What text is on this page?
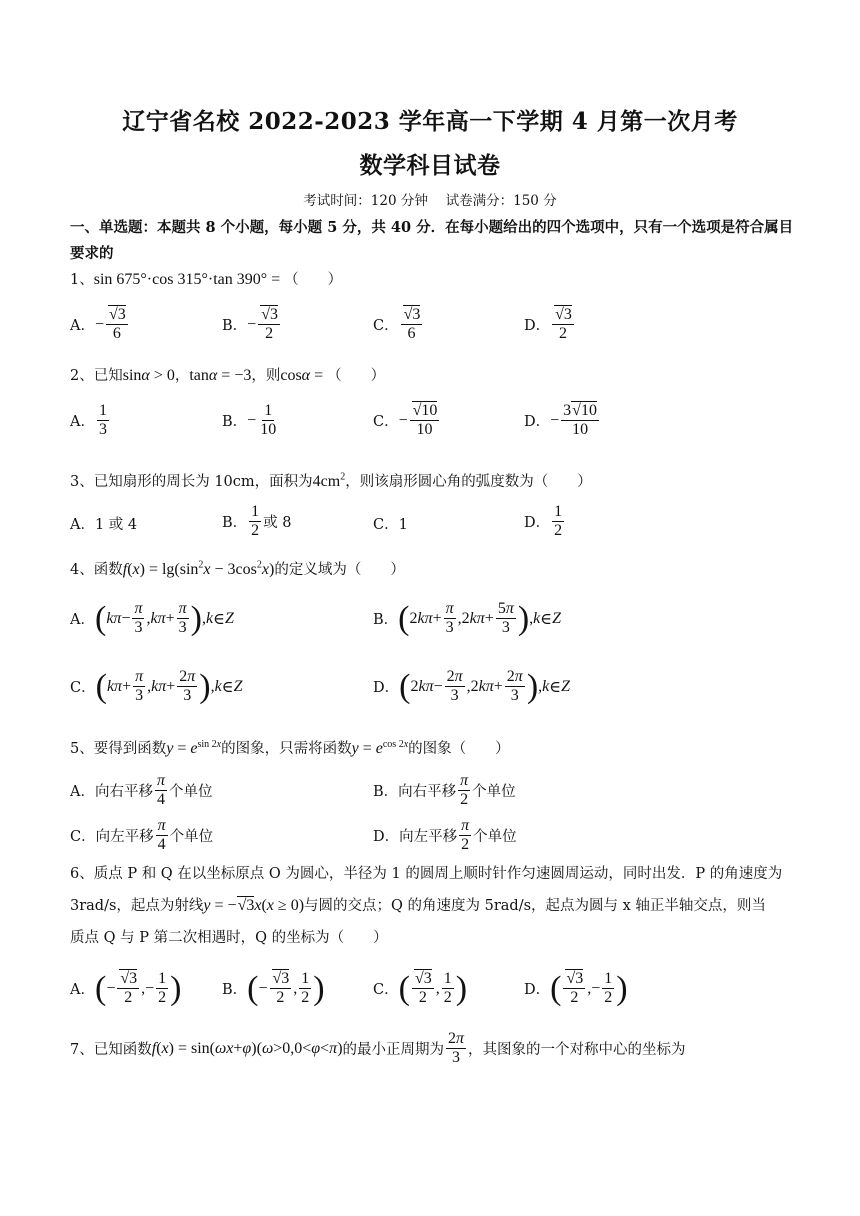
辽宁省名校 2022-2023 学年高一下学期 4 月第一次月考
数学科目试卷
考试时间：120 分钟　 试卷满分：150 分
一、单选题：本题共 8 个小题，每小题 5 分，共 40 分．在每小题给出的四个选项中，只有一个选项是符合属目要求的
1、sin 675°·cos 315°·tan 390° = （　　）
A． − $\frac{√3}{6}$	B． − $\frac{√3}{2}$	C． $\frac{√3}{6}$	D． $\frac{√3}{2}$
2、已知sinα > 0，tanα = −3，则cosα = （　　）
A． $\frac{1}{3}$	B． − $\frac{1}{10}$	C． − $\frac{√10}{10}$	D． − $\frac{3√10}{10}$
3、已知扇形的周长为 10cm，面积为$4cm^2$，则该扇形圆心角的弧度数为（　　）
A．1 或 4	B． $\frac{1}{2}$ 或 8	C．1	D． $\frac{1}{2}$
4、函数$f(x) = \lg(\sin^2x - 3\cos^2x)$的定义域为（　　）
A． ( $k\pi - \frac{\pi}{3}$ , $k\pi + \frac{\pi}{3}$ ) , k ∈ Z	B． ( 2 $k\pi + \frac{\pi}{3} ,2$ $k\pi + \frac{5\pi}{3}$ ) , k ∈ Z
C． ( $k\pi + \frac{\pi}{3}$ , $k\pi + \frac{2\pi}{3}$ ) , k ∈ Z	D． ( 2 $k\pi - \frac{2\pi}{3} ,2$ $k\pi + \frac{2\pi}{3}$ ) , k ∈ Z
5、要得到函数$y = e^{sin 2x}$的图象，只需将函数$y = e^{cos 2x}$的图象（　　）
A．向右平移 $\frac{\pi}{4}$ 个单位	B．向右平移 $\frac{\pi}{2}$ 个单位
C．向左平移 $\frac{\pi}{4}$ 个单位	D．向左平移 $\frac{\pi}{2}$ 个单位
6、质点 P 和 Q 在以坐标原点 O 为圆心，半径为 1 的圆周上顺时针作匀速圆周运动，同时出发．P 的角速度为
3rad/s，起点为射线y = −√3x(x ≥ 0)与圆的交点；Q 的角速度为 5rad/s，起点为圆与 x 轴正半轴交点，则当
质点 Q 与 P 第二次相遇时，Q 的坐标为（　　）
A． ( − $\frac{√3}{2}$ ,− $\frac{1}{2}$ )	B． ( − $\frac{√3}{2}$ , $\frac{1}{2}$ )	C． ( $\frac{√3}{2}$ , $\frac{1}{2}$ )	D． ( $\frac{√3}{2}$ ,− $\frac{1}{2}$ )
7、已知函数 f ( x ) = sin( ωx + φ )( ω >0,0< φ < π ) 的最小正周期为 $\frac{2\pi}{3}$ ，其图象的一个对称中心的坐标为
